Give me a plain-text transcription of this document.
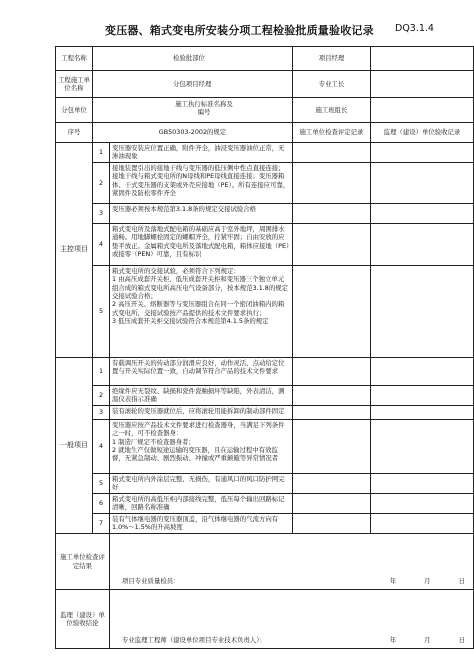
变压器、箱式变电所安装分项工程检验批质量验收记录 DQ3.1.4
工程名称	检验批部位		项目经理	
工程施工单位名称	分包项目经理		专业工长	
分包单位	施工执行标准名称及编号		施工班组长	
序号	GB50303-2002的规定		施工单位检查评定记录	监理（建设）单位验收记录
主控项目	1	变压器安装应位置正确，附件齐全，油浸变压器油位正常，无渗油现象		
	2	接地装置引出的接地干线与变压器的低压侧中性点直接连接；接地干线与箱式变电所的N母线和PE母线直接连接；变压器箱体、干式变压器的支架或外壳应接地（PE）。所有连接应可靠，紧固件及防松零件齐全		
	3	变压器必须按本规范第3.1.8条的规定交接试验合格		
	4	箱式变电所及落地式配电箱的基础应高于室外地坪，周围排水通畅。用地脚螺栓固定的螺帽齐全，拧紧牢固；自由安放的应垫平放正。金属箱式变电所及落地式配电箱，箱体应接地（PE）或接零（PEN）可靠，且有标识		
	5	箱式变电所的交接试验，必须符合下列规定：
1 由高压成套开关柜、低压成套开关柜和变压器三个独立单元组合成的箱式变电所高压电气设备部分，按本规范3.1.8的规定交接试验合格；
2 高压开关、熔断器等与变压器组合在同一个密闭油箱内的箱式变电所，交接试验按产品提供的技术文件要求执行；
3 低压成套开关柜交接试验符合本规范第4.1.5条的规定		
一般项目	1	有载调压开关的传动部分润滑应良好，动作灵活，点动给定位置与开关实际位置一致，自动调节符合产品的技术文件要求		
	2	绝缘件应无裂纹、缺损和瓷件瓷釉损坏等缺陷，外表清洁，测温仪表指示准确		
	3	装有滚轮的变压器就位后，应将滚轮用能拆卸的制动部件固定		
	4	变压器应按产品技术文件要求进行检查器身，当满足下列条件之一时，可不检查器身：
1 制造厂规定不检查器身者；
2 就地生产仅做短途运输的变压器，且在运输过程中有效监督，无紧急制动、剧烈振动、冲撞或严重颠簸等异常情况者		
	5	箱式变电所内外涂层完整、无损伤，有通风口的风口防护网完好		
	6	箱式变电所的高低压柜内部接线完整，低压每个输出回路标记清晰，回路名称准确		
	7	装有气体继电器的变压器顶盖，沿气体继电器的气流方向有1.0%～1.5%的升高坡度		
施工单位检查评定结果		项目专业质量检员： 年 月 日		

监理（建设）单位验收结论		专业监理工程师（建设单位项目专业技术负责人）： 年 月 日		
